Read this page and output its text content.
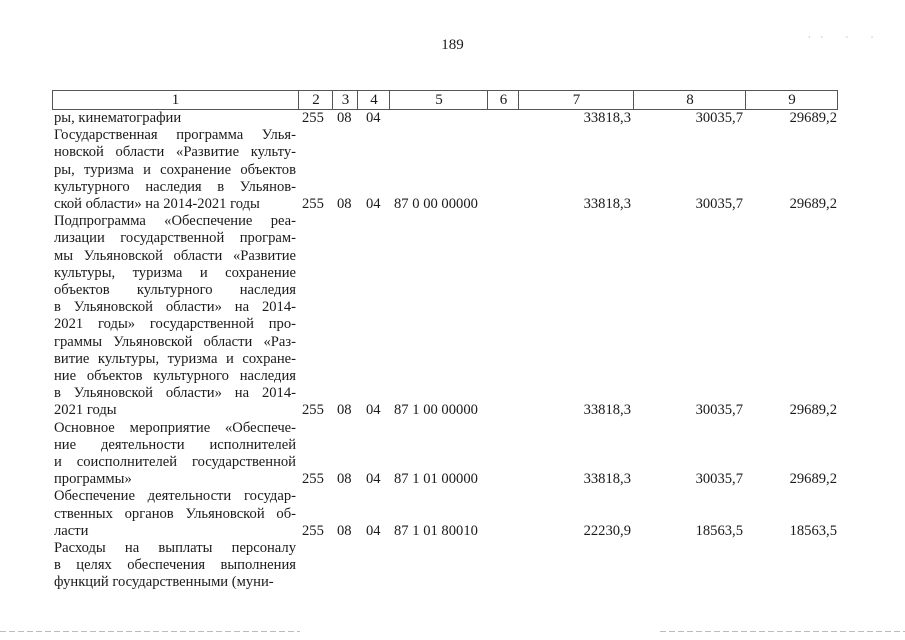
189	·· · ·
1	2	3	4	5	6	7	8	9
ры, кинематографии	255 08 04	33818,3	30035,7	29689,2
Государственная программа Улья-
новской области «Развитие культу-
ры, туризма и сохранение объектов
культурного наследия в Ульянов-
ской области» на 2014-2021 годы	255 08 04 87 0 00 00000	33818,3	30035,7	29689,2
Подпрограмма «Обеспечение реа-
лизации государственной програм-
мы Ульяновской области «Развитие
культуры, туризма и сохранение
объектов культурного наследия
в Ульяновской области» на 2014-
2021 годы» государственной про-
граммы Ульяновской области «Раз-
витие культуры, туризма и сохране-
ние объектов культурного наследия
в Ульяновской области» на 2014-
2021 годы	255 08 04 87 1 00 00000	33818,3	30035,7	29689,2
Основное мероприятие «Обеспече-
ние деятельности исполнителей
и соисполнителей государственной
программы»	255 08 04 87 1 01 00000	33818,3	30035,7	29689,2
Обеспечение деятельности государ-
ственных органов Ульяновской об-
ласти	255 08 04 87 1 01 80010	22230,9	18563,5	18563,5
Расходы на выплаты персоналу
в целях обеспечения выполнения
функций государственными (муни-
